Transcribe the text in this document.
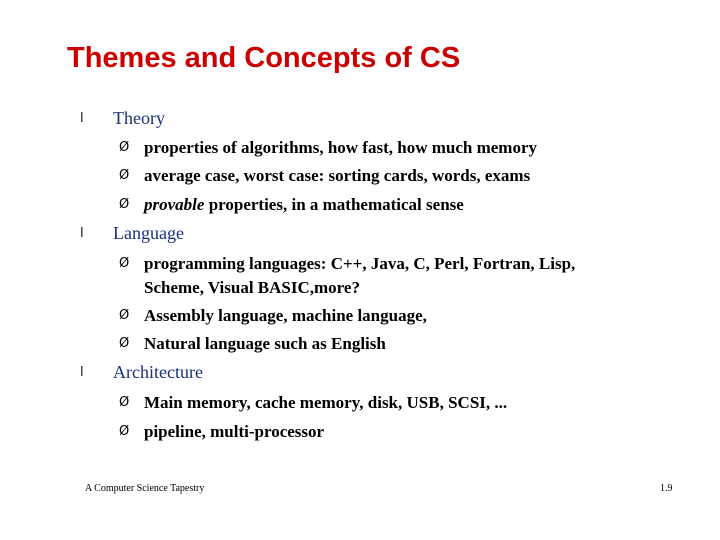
Themes and Concepts of CS
l	Theory
Ø properties of algorithms, how fast, how much memory
Ø average case, worst case: sorting cards, words, exams
Ø provable properties, in a mathematical sense
l	Language
Ø programming languages: C++, Java, C, Perl, Fortran, Lisp,
Scheme, Visual BASIC,more?
Ø Assembly language, machine language,
Ø Natural language such as English
l	Architecture
Ø Main memory, cache memory, disk, USB, SCSI, ...
Ø pipeline, multi-processor
A Computer Science Tapestry	1.9
